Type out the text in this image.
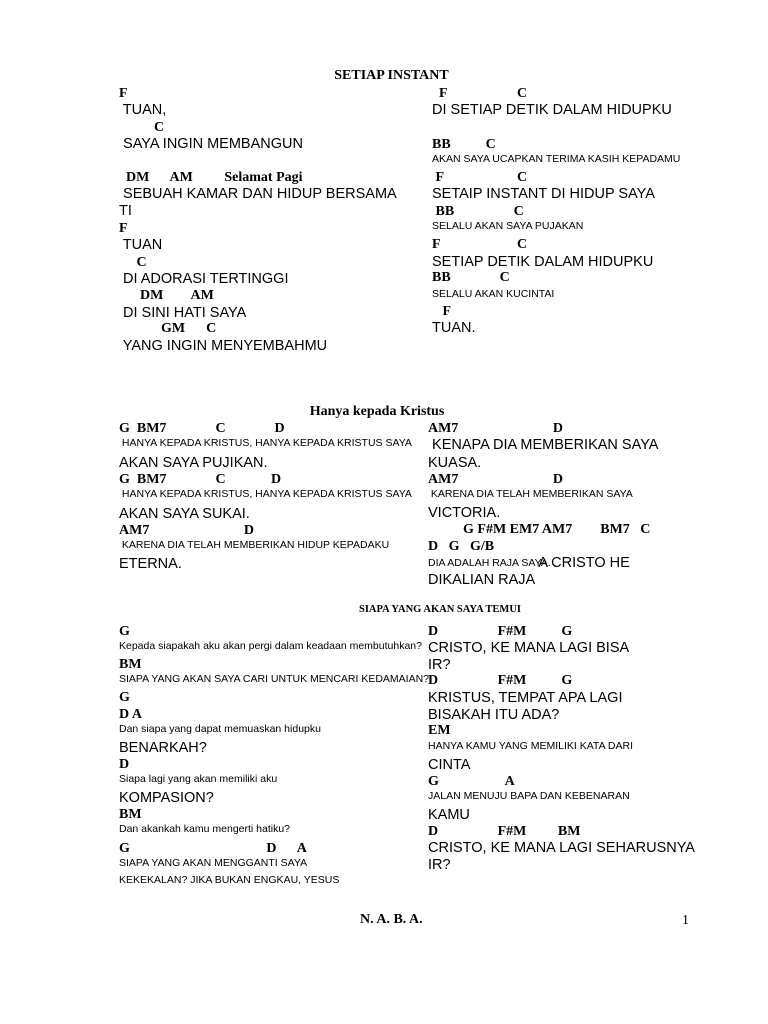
SETIAP INSTANT
F
TUAN,
C
SAYA INGIN MEMBANGUN
DM      AM         Selamat Pagi
SEBUAH KAMAR DAN HIDUP BERSAMA
TI
F
TUAN
C
DI ADORASI TERTINGGI
DM        AM
DI SINI HATI SAYA
GM      C
YANG INGIN MENYEMBAHMU
F                    C
DI SETIAP DETIK DALAM HIDUPKU
BB          C
AKAN SAYA UCAPKAN TERIMA KASIH KEPADAMU
F                     C
SETAIP INSTANT DI HIDUP SAYA
BB                 C
SELALU AKAN SAYA PUJAKAN
F                      C
SETIAP DETIK DALAM HIDUPKU
BB              C
SELALU AKAN KUCINTAI
F
TUAN.
Hanya kepada Kristus
G  BM7              C              D
HANYA KEPADA KRISTUS, HANYA KEPADA KRISTUS SAYA
AKAN SAYA PUJIKAN.
G  BM7              C             D
HANYA KEPADA KRISTUS, HANYA KEPADA KRISTUS SAYA
AKAN SAYA SUKAI.
AM7                           D
KARENA DIA TELAH MEMBERIKAN HIDUP KEPADAKU
ETERNA.
AM7                           D
KENAPA DIA MEMBERIKAN SAYA
KUASA.
AM7                           D
KARENA DIA TELAH MEMBERIKAN SAYA
VICTORIA.
G F#M EM7 AM7        BM7   C
D   G   G/B
DIA ADALAH RAJA SAYA.
DIKALIAN RAJA
A CRISTO HE
SIAPA YANG AKAN SAYA TEMUI
G
Kepada siapakah aku akan pergi dalam keadaan membutuhkan?
BM
SIAPA YANG AKAN SAYA CARI UNTUK MENCARI KEDAMAIAN?
G
D A
Dan siapa yang dapat memuaskan hidupku
BENARKAH?
D
Siapa lagi yang akan memiliki aku
KOMPASION?
BM
Dan akankah kamu mengerti hatiku?
G                                       D      A
SIAPA YANG AKAN MENGGANTI SAYA
KEKEKALAN? JIKA BUKAN ENGKAU, YESUS
D                 F#M          G
CRISTO, KE MANA LAGI BISA
IR?
D                 F#M          G
KRISTUS, TEMPAT APA LAGI
BISAKAH ITU ADA?
EM
HANYA KAMU YANG MEMILIKI KATA DARI
CINTA
G                   A
JALAN MENUJU BAPA DAN KEBENARAN
KAMU
D                 F#M         BM
CRISTO, KE MANA LAGI SEHARUSNYA
IR?
N. A. B. A.	1
